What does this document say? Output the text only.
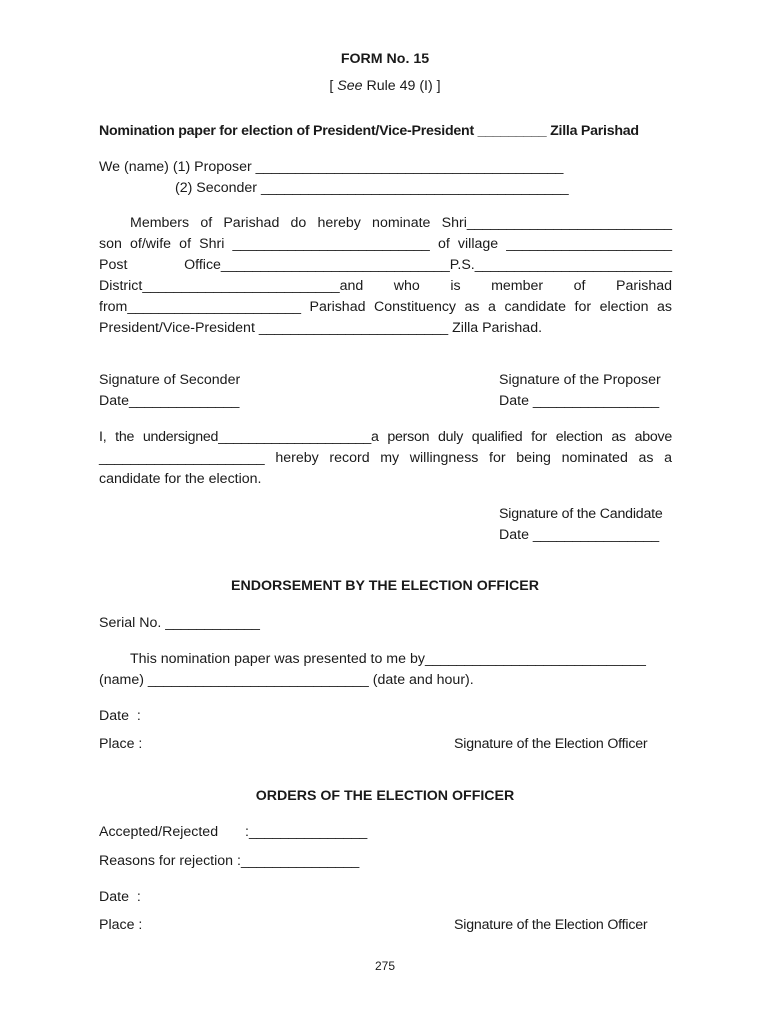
FORM No. 15
[ See Rule 49 (I) ]
Nomination paper for election of President/Vice-President _________ Zilla Parishad
We (name) (1) Proposer _______________________________________
(2) Seconder _______________________________________
Members of Parishad do hereby nominate Shri__________________________
son of/wife of Shri _________________________ of village _____________________
Post Office_____________________________P.S._________________________
District_________________________and who is member of Parishad
from______________________ Parishad Constituency as a candidate for election as
President/Vice-President ________________________ Zilla Parishad.
Signature of Seconder
Date______________
Signature of the Proposer
Date ________________
I, the undersigned____________________a person duly qualified for election as above
_____________________ hereby record my willingness for being nominated as a
candidate for the election.
Signature of the Candidate
Date ________________
ENDORSEMENT BY THE ELECTION OFFICER
Serial No. ____________
This nomination paper was presented to me by____________________________
(name) ____________________________ (date and hour).
Date  :
Place :	Signature of the Election Officer
ORDERS OF THE ELECTION OFFICER
Accepted/Rejected :_______________
Reasons for rejection :_______________
Date  :
Place :	Signature of the Election Officer
275
